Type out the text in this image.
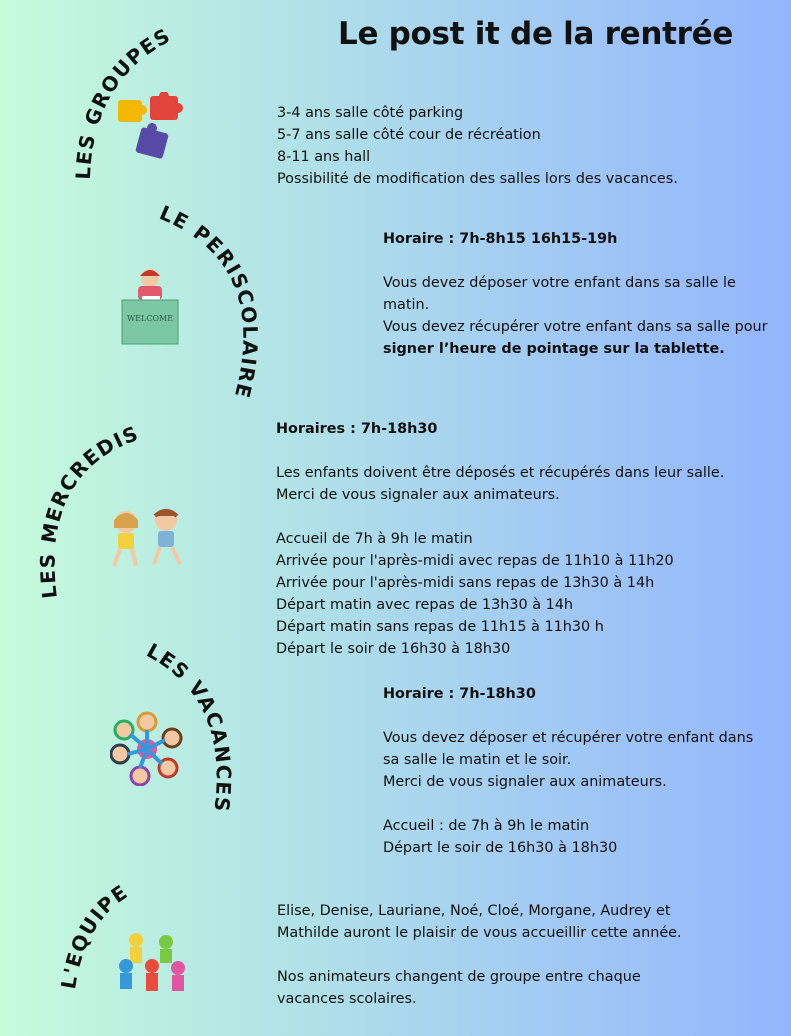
Le post it de la rentrée
LES GROUPES
LE PERISCOLAIRE
LES MERCREDIS
LES VACANCES
L'EQUIPE
WELCOME

3-4 ans salle côté parking

5-7 ans salle côté cour de récréation

8-11 ans hall

Possibilité de modification des salles lors des vacances.

Horaire : 7h-8h15 16h15-19h

Vous devez déposer votre enfant dans sa salle le matin.

Vous devez récupérer votre enfant dans sa salle pour signer l’heure de pointage sur la tablette.

Horaires : 7h-18h30

Les enfants doivent être déposés et récupérés dans leur salle.

Merci de vous signaler aux animateurs.

Accueil de 7h à 9h le matin

Arrivée pour l'après-midi avec repas de 11h10 à 11h20

Arrivée pour l'après-midi sans repas de 13h30 à 14h

Départ matin avec repas de 13h30 à 14h

Départ matin sans repas de 11h15 à 11h30 h

Départ le soir de 16h30 à 18h30

Horaire : 7h-18h30

Vous devez déposer et récupérer votre enfant dans

sa salle le matin et le soir.

Merci de vous signaler aux animateurs.

Accueil : de 7h à 9h le matin

Départ le soir de 16h30 à 18h30

Elise, Denise, Lauriane, Noé, Cloé, Morgane, Audrey et

Mathilde auront le plaisir de vous accueillir cette année.

Nos animateurs changent de groupe entre chaque

vacances scolaires.
